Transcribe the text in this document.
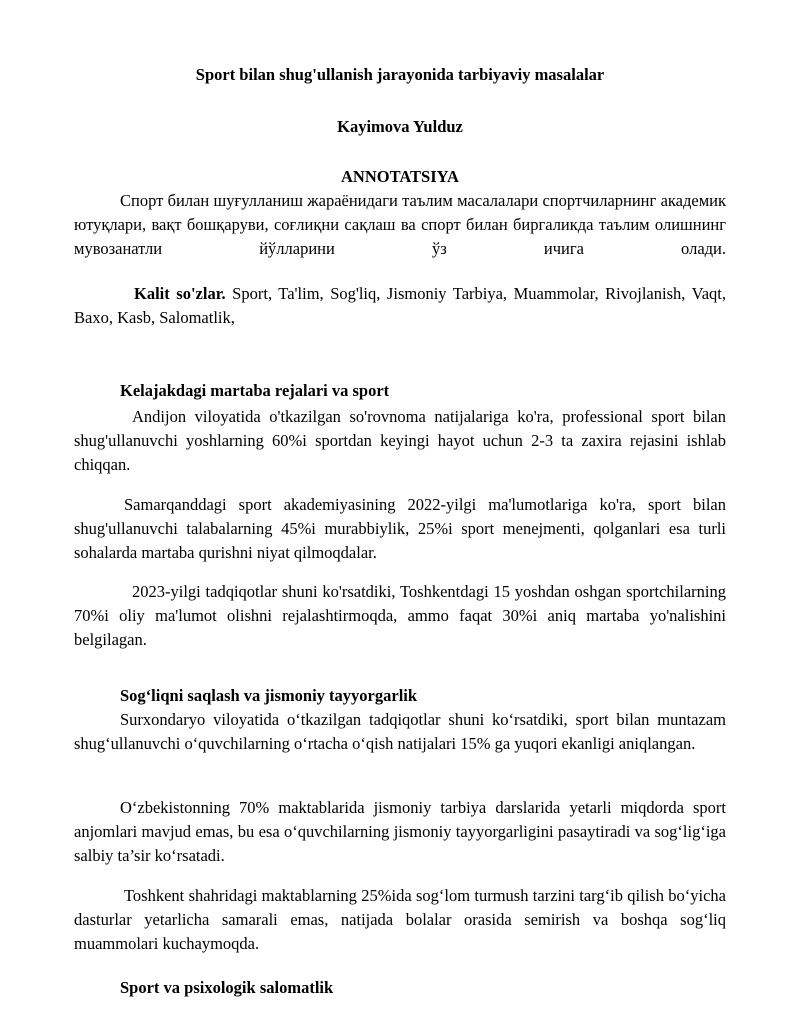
Sport bilan shug'ullanish jarayonida tarbiyaviy masalalar

Kayimova Yulduz

ANNOTATSIYA

Спорт билан шуғулланиш жараёнидаги таълим масалалари спортчиларнинг академик ютуқлари, вақт бошқаруви, соғлиқни сақлаш ва спорт билан биргаликда таълим олишнинг мувозанатли йўлларини ўз ичига олади.

Kalit so'zlar. Sport, Ta'lim, Sog'liq, Jismoniy Tarbiya, Muammolar, Rivojlanish, Vaqt, Baxo, Kasb, Salomatlik,

Kelajakdagi martaba rejalari va sport

Andijon viloyatida o'tkazilgan so'rovnoma natijalariga ko'ra, professional sport bilan shug'ullanuvchi yoshlarning 60%i sportdan keyingi hayot uchun 2-3 ta zaxira rejasini ishlab chiqqan.

Samarqanddagi sport akademiyasining 2022-yilgi ma'lumotlariga ko'ra, sport bilan shug'ullanuvchi talabalarning 45%i murabbiylik, 25%i sport menejmenti, qolganlari esa turli sohalarda martaba qurishni niyat qilmoqdalar.

2023-yilgi tadqiqotlar shuni ko'rsatdiki, Toshkentdagi 15 yoshdan oshgan sportchilarning 70%i oliy ma'lumot olishni rejalashtirmoqda, ammo faqat 30%i aniq martaba yo'nalishini belgilagan.

Sog‘liqni saqlash va jismoniy tayyorgarlik

Surxondaryo viloyatida o‘tkazilgan tadqiqotlar shuni ko‘rsatdiki, sport bilan muntazam shug‘ullanuvchi o‘quvchilarning o‘rtacha o‘qish natijalari 15% ga yuqori ekanligi aniqlangan.

O‘zbekistonning 70% maktablarida jismoniy tarbiya darslarida yetarli miqdorda sport anjomlari mavjud emas, bu esa o‘quvchilarning jismoniy tayyorgarligini pasaytiradi va sog‘lig‘iga salbiy ta’sir ko‘rsatadi.

Toshkent shahridagi maktablarning 25%ida sog‘lom turmush tarzini targ‘ib qilish bo‘yicha dasturlar yetarlicha samarali emas, natijada bolalar orasida semirish va boshqa sog‘liq muammolari kuchaymoqda.

Sport va psixologik salomatlik
